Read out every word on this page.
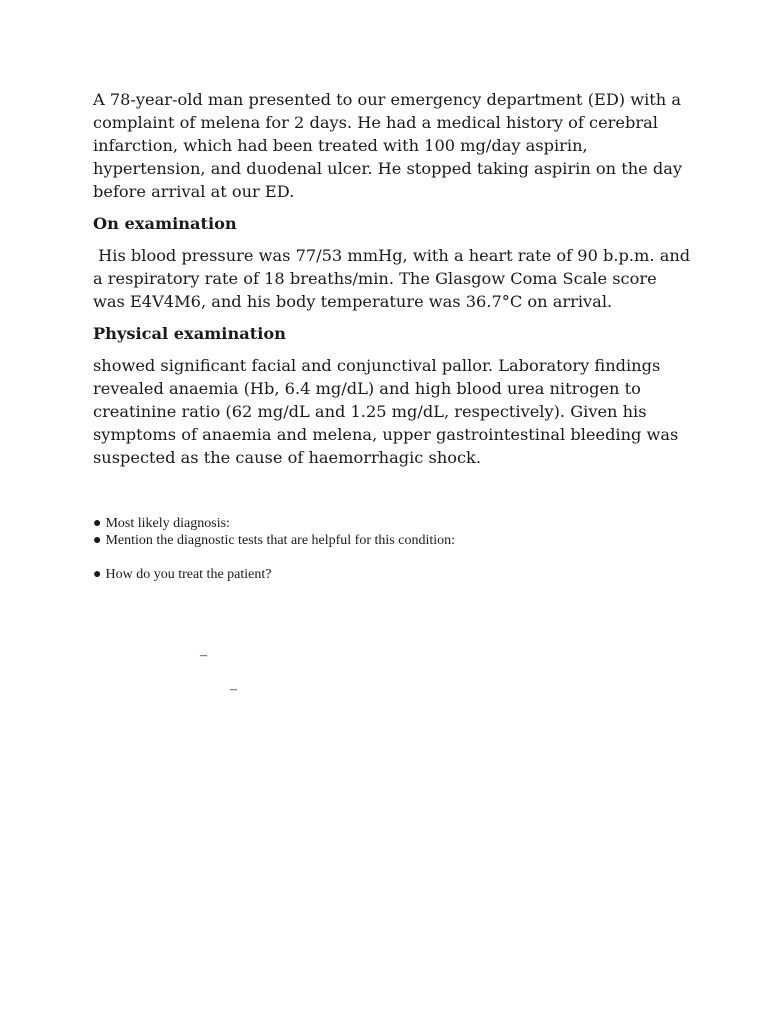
A 78-year-old man presented to our emergency department (ED) with a complaint of melena for 2 days. He had a medical history of cerebral infarction, which had been treated with 100 mg/day aspirin, hypertension, and duodenal ulcer. He stopped taking aspirin on the day before arrival at our ED.

On examination

His blood pressure was 77/53 mmHg, with a heart rate of 90 b.p.m. and a respiratory rate of 18 breaths/min. The Glasgow Coma Scale score was E4V4M6, and his body temperature was 36.7°C on arrival.

Physical examination

showed significant facial and conjunctival pallor. Laboratory findings revealed anaemia (Hb, 6.4 mg/dL) and high blood urea nitrogen to creatinine ratio (62 mg/dL and 1.25 mg/dL, respectively). Given his symptoms of anaemia and melena, upper gastrointestinal bleeding was suspected as the cause of haemorrhagic shock.

● Most likely diagnosis:

● Mention the diagnostic tests that are helpful for this condition:

● How do you treat the patient?

–
–
